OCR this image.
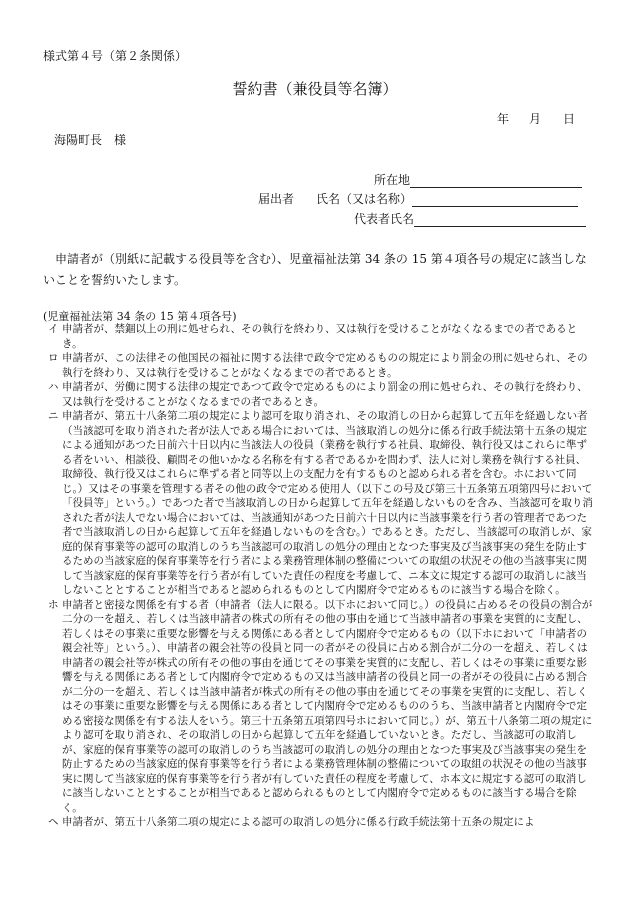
様式第４号（第２条関係）
誓約書（兼役員等名簿）
年 月 日
海陽町長　様
所在地
届出者 氏名（又は名称）
代表者氏名
申請者が（別紙に記載する役員等を含む）、児童福祉法第 34 条の 15 第４項各号の規定に該当しないことを誓約いたします。
(児童福祉法第 34 条の 15 第４項各号)
イ 申請者が、禁錮以上の刑に処せられ、その執行を終わり、又は執行を受けることがなくなるまでの者であるとき。
ロ 申請者が、この法律その他国民の福祉に関する法律で政令で定めるものの規定により罰金の刑に処せられ、その執行を終わり、又は執行を受けることがなくなるまでの者であるとき。
ハ 申請者が、労働に関する法律の規定であつて政令で定めるものにより罰金の刑に処せられ、その執行を終わり、又は執行を受けることがなくなるまでの者であるとき。
ニ 申請者が、第五十八条第二項の規定により認可を取り消され、その取消しの日から起算して五年を経過しない者（当該認可を取り消された者が法人である場合においては、当該取消しの処分に係る行政手続法第十五条の規定による通知があつた日前六十日以内に当該法人の役員（業務を執行する社員、取締役、執行役又はこれらに準ずる者をいい、相談役、顧問その他いかなる名称を有する者であるかを問わず、法人に対し業務を執行する社員、取締役、執行役又はこれらに準ずる者と同等以上の支配力を有するものと認められる者を含む。ホにおいて同じ。）又はその事業を管理する者その他の政令で定める使用人（以下この号及び第三十五条第五項第四号において「役員等」という。）であつた者で当該取消しの日から起算して五年を経過しないものを含み、当該認可を取り消された者が法人でない場合においては、当該通知があつた日前六十日以内に当該事業を行う者の管理者であつた者で当該取消しの日から起算して五年を経過しないものを含む。）であるとき。ただし、当該認可の取消しが、家庭的保育事業等の認可の取消しのうち当該認可の取消しの処分の理由となつた事実及び当該事実の発生を防止するための当該家庭的保育事業等を行う者による業務管理体制の整備についての取組の状況その他の当該事実に関して当該家庭的保育事業等を行う者が有していた責任の程度を考慮して、ニ本文に規定する認可の取消しに該当しないこととすることが相当であると認められるものとして内閣府令で定めるものに該当する場合を除く。
ホ 申請者と密接な関係を有する者（申請者（法人に限る。以下ホにおいて同じ。）の役員に占めるその役員の割合が二分の一を超え、若しくは当該申請者の株式の所有その他の事由を通じて当該申請者の事業を実質的に支配し、若しくはその事業に重要な影響を与える関係にある者として内閣府令で定めるもの（以下ホにおいて「申請者の親会社等」という。）、申請者の親会社等の役員と同一の者がその役員に占める割合が二分の一を超え、若しくは申請者の親会社等が株式の所有その他の事由を通じてその事業を実質的に支配し、若しくはその事業に重要な影響を与える関係にある者として内閣府令で定めるもの又は当該申請者の役員と同一の者がその役員に占める割合が二分の一を超え、若しくは当該申請者が株式の所有その他の事由を通じてその事業を実質的に支配し、若しくはその事業に重要な影響を与える関係にある者として内閣府令で定めるもののうち、当該申請者と内閣府令で定める密接な関係を有する法人をいう。第三十五条第五項第四号ホにおいて同じ。）が、第五十八条第二項の規定により認可を取り消され、その取消しの日から起算して五年を経過していないとき。ただし、当該認可の取消しが、家庭的保育事業等の認可の取消しのうち当該認可の取消しの処分の理由となつた事実及び当該事実の発生を防止するための当該家庭的保育事業等を行う者による業務管理体制の整備についての取組の状況その他の当該事実に関して当該家庭的保育事業等を行う者が有していた責任の程度を考慮して、ホ本文に規定する認可の取消しに該当しないこととすることが相当であると認められるものとして内閣府令で定めるものに該当する場合を除く。
ヘ 申請者が、第五十八条第二項の規定による認可の取消しの処分に係る行政手続法第十五条の規定によ
